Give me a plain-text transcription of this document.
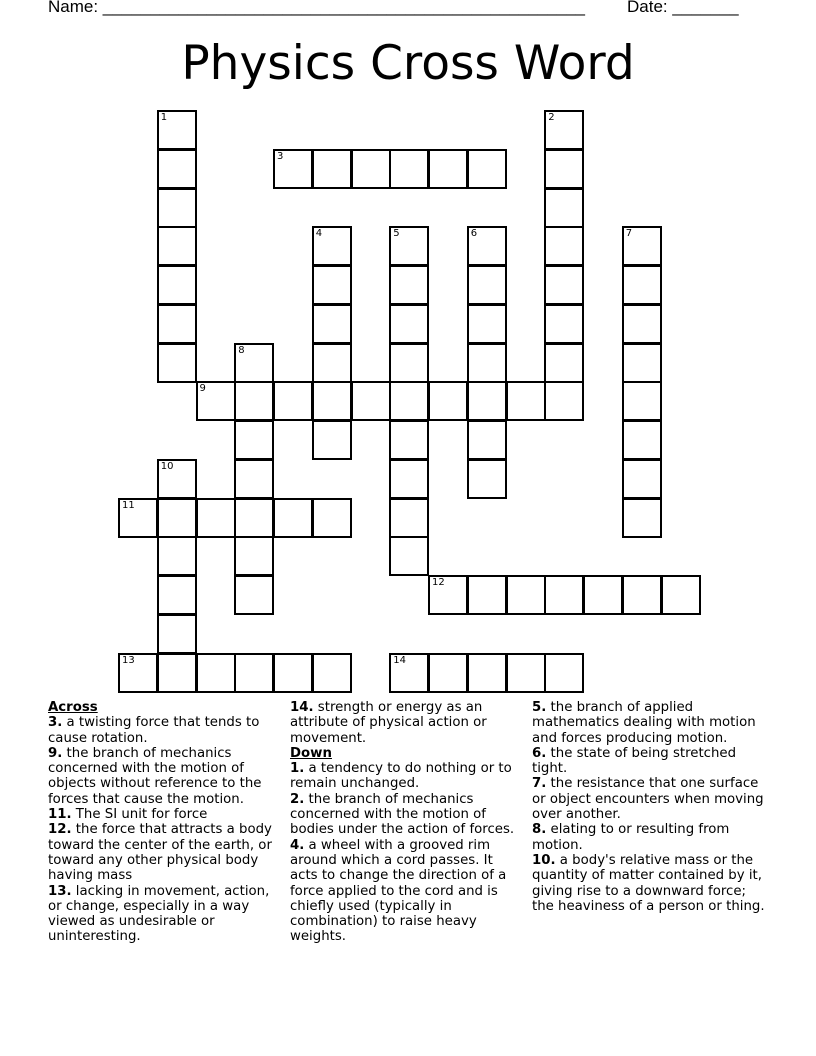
Name: ___________________________________________________ Date: _______
Physics Cross Word
1	2
3
4	5	6	7
8
9
10
11
12
13	14
Across
3. a twisting force that tends to cause rotation.
9. the branch of mechanics concerned with the motion of objects without reference to the forces that cause the motion.
11. The SI unit for force
12. the force that attracts a body toward the center of the earth, or toward any other physical body having mass
13. lacking in movement, action, or change, especially in a way viewed as undesirable or uninteresting.
14. strength or energy as an attribute of physical action or movement.
Down
1. a tendency to do nothing or to remain unchanged.
2. the branch of mechanics concerned with the motion of bodies under the action of forces.
4. a wheel with a grooved rim around which a cord passes. It acts to change the direction of a force applied to the cord and is chiefly used (typically in combination) to raise heavy weights.
5. the branch of applied mathematics dealing with motion and forces producing motion.
6. the state of being stretched tight.
7. the resistance that one surface or object encounters when moving over another.
8. elating to or resulting from motion.
10. a body's relative mass or the quantity of matter contained by it, giving rise to a downward force; the heaviness of a person or thing.
